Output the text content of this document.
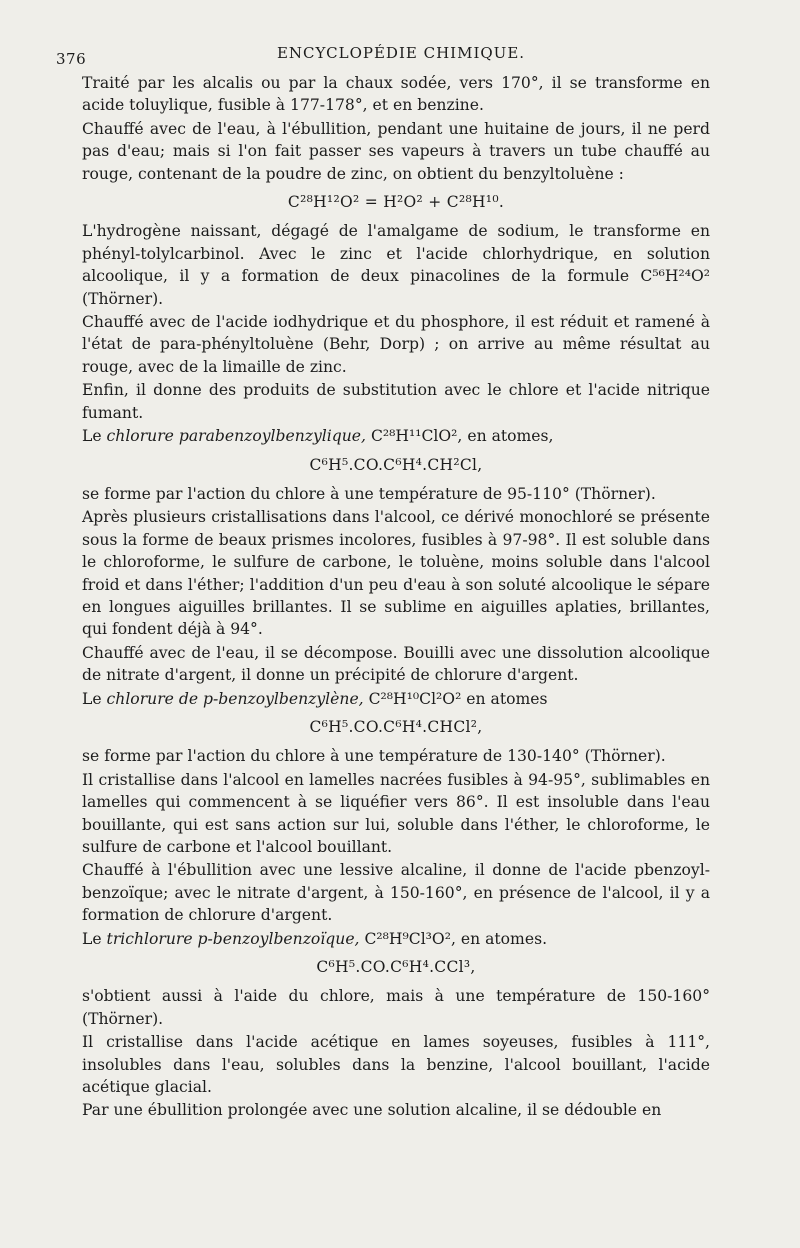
376	ENCYCLOPÉDIE CHIMIQUE.

Traité par les alcalis ou par la chaux sodée, vers 170°, il se transforme en acide toluylique, fusible à 177-178°, et en benzine.

Chauffé avec de l'eau, à l'ébullition, pendant une huitaine de jours, il ne perd pas d'eau; mais si l'on fait passer ses vapeurs à travers un tube chauffé au rouge, contenant de la poudre de zinc, on obtient du benzyltoluène :

C²⁸H¹²O² = H²O² + C²⁸H¹⁰.

L'hydrogène naissant, dégagé de l'amalgame de sodium, le transforme en phényl-tolylcarbinol. Avec le zinc et l'acide chlorhydrique, en solution alcoolique, il y a formation de deux pinacolines de la formule C⁵⁶H²⁴O² (Thörner).

Chauffé avec de l'acide iodhydrique et du phosphore, il est réduit et ramené à l'état de para-phényltoluène (Behr, Dorp) ; on arrive au même résultat au rouge, avec de la limaille de zinc.

Enfin, il donne des produits de substitution avec le chlore et l'acide nitrique fumant.

Le chlorure parabenzoylbenzylique, C²⁸H¹¹ClO², en atomes,

C⁶H⁵.CO.C⁶H⁴.CH²Cl,

se forme par l'action du chlore à une température de 95-110° (Thörner).

Après plusieurs cristallisations dans l'alcool, ce dérivé monochloré se présente sous la forme de beaux prismes incolores, fusibles à 97-98°. Il est soluble dans le chloroforme, le sulfure de carbone, le toluène, moins soluble dans l'alcool froid et dans l'éther; l'addition d'un peu d'eau à son soluté alcoolique le sépare en longues aiguilles brillantes. Il se sublime en aiguilles aplaties, brillantes, qui fondent déjà à 94°.

Chauffé avec de l'eau, il se décompose. Bouilli avec une dissolution alcoolique de nitrate d'argent, il donne un précipité de chlorure d'argent.

Le chlorure de p-benzoylbenzylène, C²⁸H¹⁰Cl²O² en atomes

C⁶H⁵.CO.C⁶H⁴.CHCl²,

se forme par l'action du chlore à une température de 130-140° (Thörner).

Il cristallise dans l'alcool en lamelles nacrées fusibles à 94-95°, sublimables en lamelles qui commencent à se liquéfier vers 86°. Il est insoluble dans l'eau bouillante, qui est sans action sur lui, soluble dans l'éther, le chloroforme, le sulfure de carbone et l'alcool bouillant.

Chauffé à l'ébullition avec une lessive alcaline, il donne de l'acide pbenzoyl-benzoïque; avec le nitrate d'argent, à 150-160°, en présence de l'alcool, il y a formation de chlorure d'argent.

Le trichlorure p-benzoylbenzoïque, C²⁸H⁹Cl³O², en atomes.

C⁶H⁵.CO.C⁶H⁴.CCl³,

s'obtient aussi à l'aide du chlore, mais à une température de 150-160° (Thörner).

Il cristallise dans l'acide acétique en lames soyeuses, fusibles à 111°, insolubles dans l'eau, solubles dans la benzine, l'alcool bouillant, l'acide acétique glacial.

Par une ébullition prolongée avec une solution alcaline, il se dédouble en
